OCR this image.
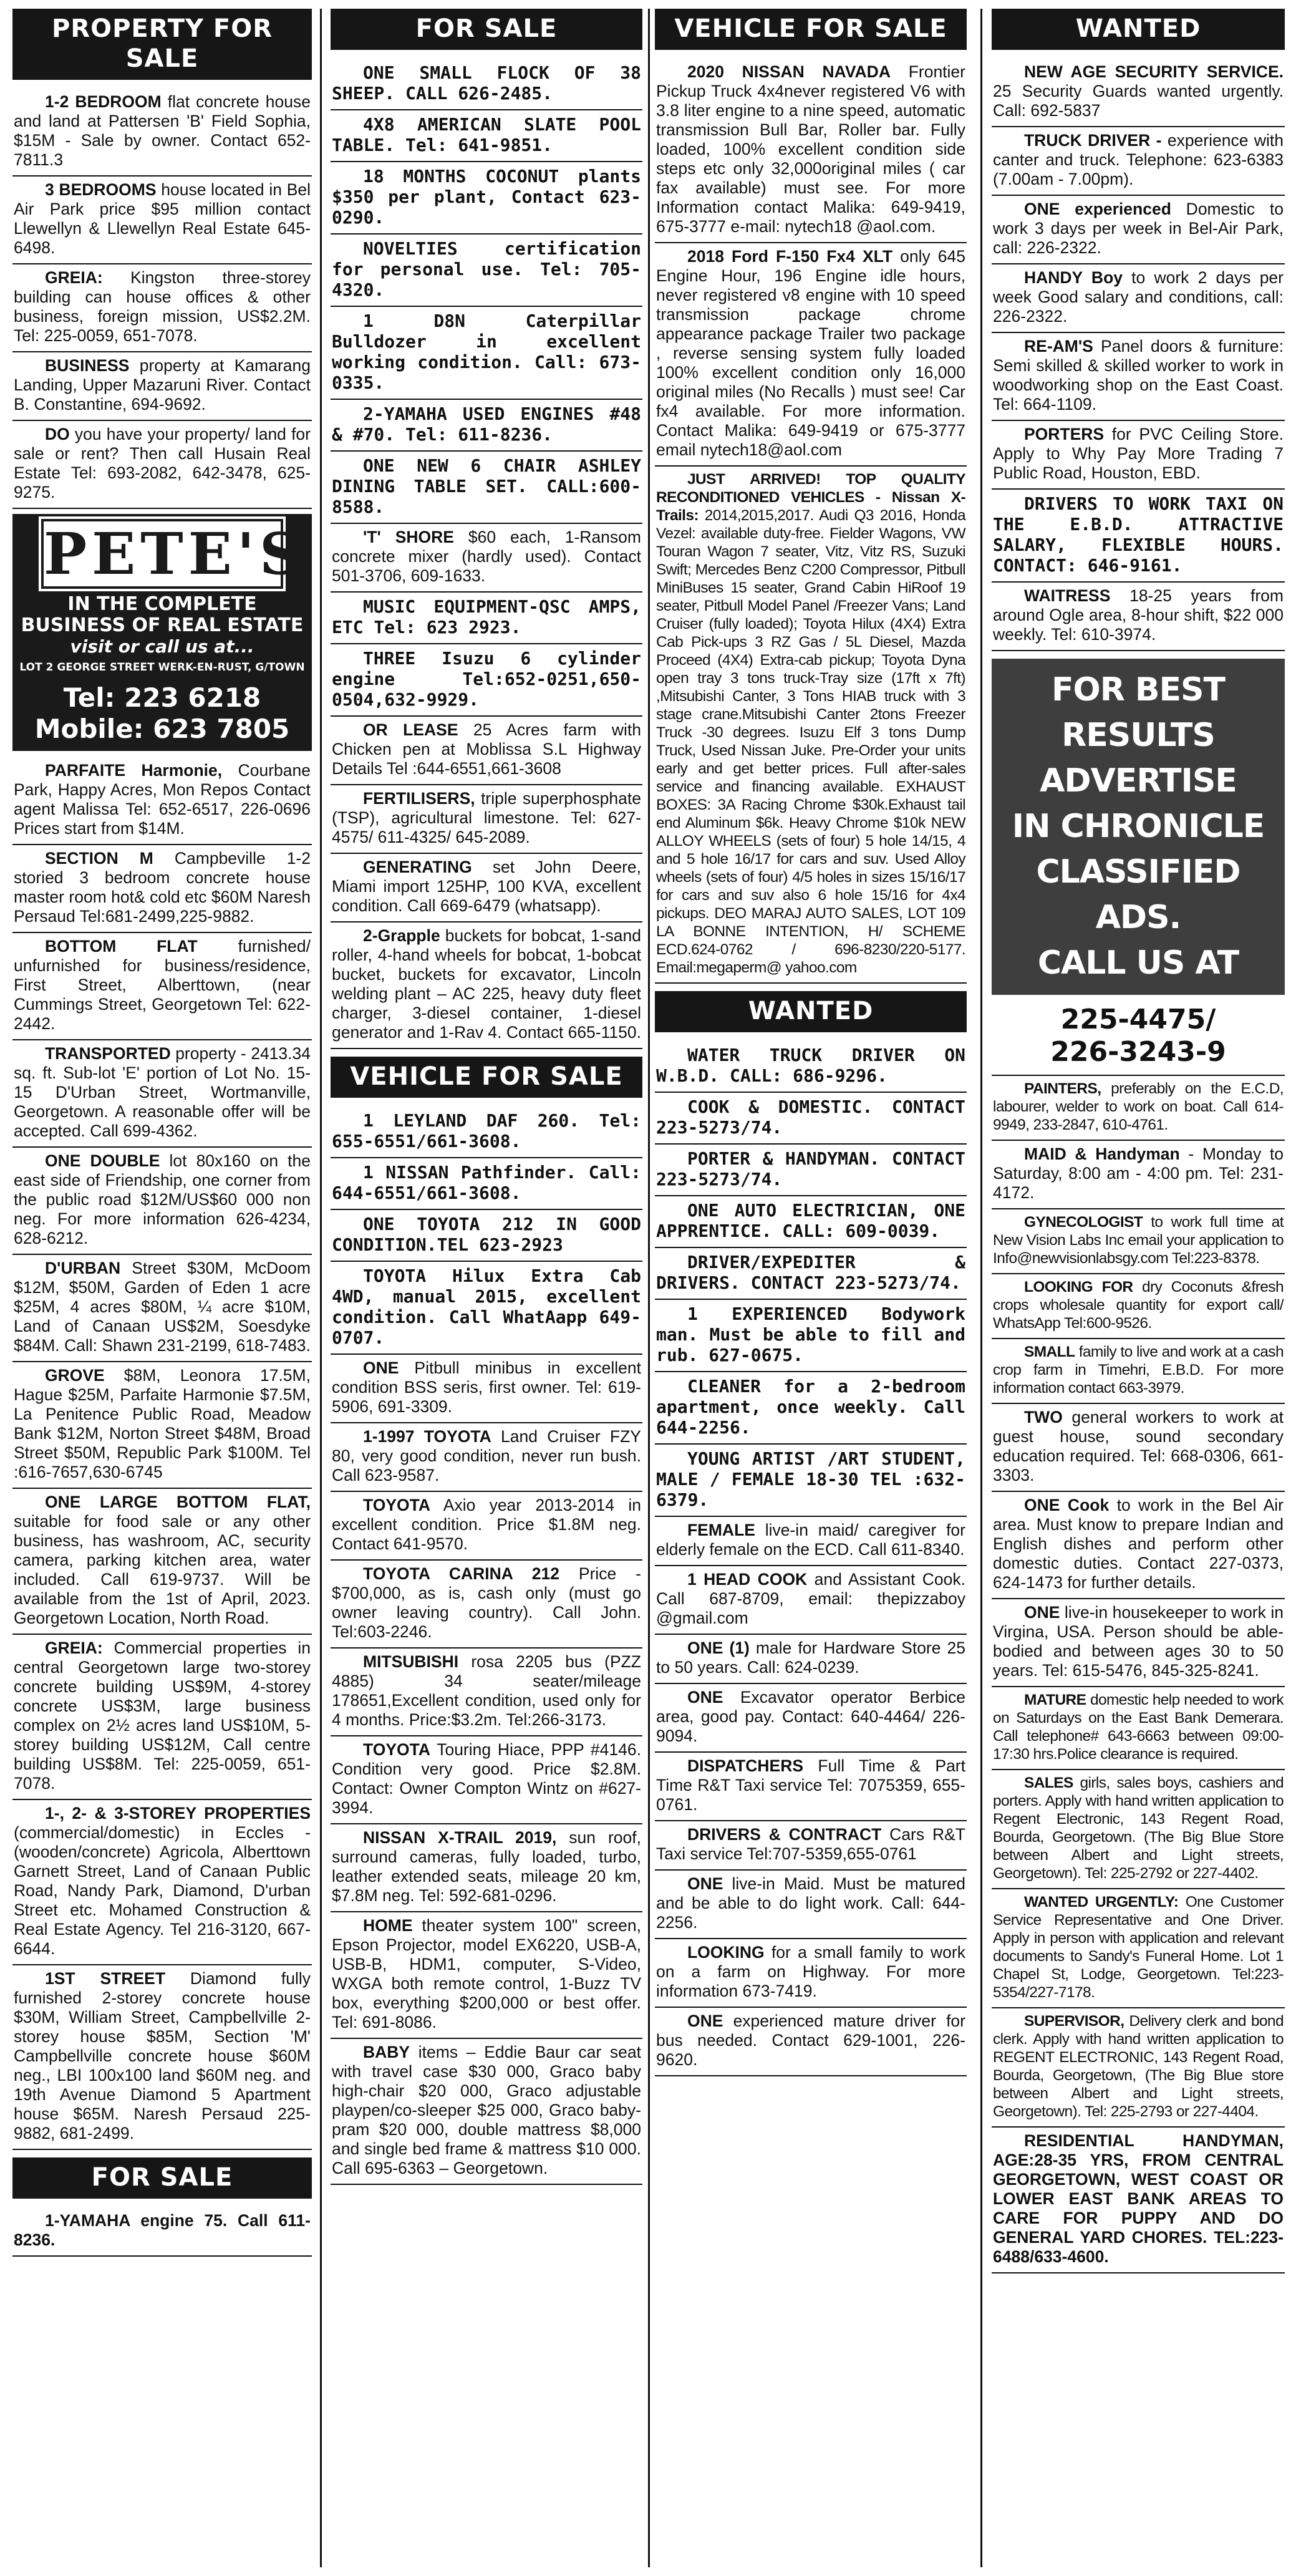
PROPERTY FOR SALE
1-2 BEDROOM flat concrete house and land at Pattersen 'B' Field Sophia, $15M - Sale by owner. Contact 652-7811.3
3 BEDROOMS house located in Bel Air Park price $95 million contact Llewellyn & Llewellyn Real Estate 645-6498.
GREIA: Kingston three-storey building can house offices & other business, foreign mission, US$2.2M. Tel: 225-0059, 651-7078.
BUSINESS property at Kamarang Landing, Upper Mazaruni River. Contact B. Constantine, 694-9692.
DO you have your property/ land for sale or rent? Then call Husain Real Estate Tel: 693-2082, 642-3478, 625-9275.
PETE'S
IN THE COMPLETE
BUSINESS OF REAL ESTATE
visit or call us at...
LOT 2 GEORGE STREET WERK-EN-RUST, G/TOWN
Tel: 223 6218
Mobile: 623 7805
PARFAITE Harmonie, Courbane Park, Happy Acres, Mon Repos Contact agent Malissa Tel: 652-6517, 226-0696 Prices start from $14M.
SECTION M Campbeville 1-2 storied 3 bedroom concrete house master room hot& cold etc $60M Naresh Persaud Tel:681-2499,225-9882.
BOTTOM FLAT furnished/ unfurnished for business/residence, First Street, Alberttown, (near Cummings Street, Georgetown Tel: 622-2442.
TRANSPORTED property - 2413.34 sq. ft. Sub-lot 'E' portion of Lot No. 15-15 D'Urban Street, Wortmanville, Georgetown. A reasonable offer will be accepted. Call 699-4362.
ONE DOUBLE lot 80x160 on the east side of Friendship, one corner from the public road $12M/US$60 000 non neg. For more information 626-4234, 628-6212.
D'URBAN Street $30M, McDoom $12M, $50M, Garden of Eden 1 acre $25M, 4 acres $80M, ¼ acre $10M, Land of Canaan US$2M, Soesdyke $84M. Call: Shawn 231-2199, 618-7483.
GROVE $8M, Leonora 17.5M, Hague $25M, Parfaite Harmonie $7.5M, La Penitence Public Road, Meadow Bank $12M, Norton Street $48M, Broad Street $50M, Republic Park $100M. Tel :616-7657,630-6745
ONE LARGE BOTTOM FLAT, suitable for food sale or any other business, has washroom, AC, security camera, parking kitchen area, water included. Call 619-9737. Will be available from the 1st of April, 2023. Georgetown Location, North Road.
GREIA: Commercial properties in central Georgetown large two-storey concrete building US$9M, 4-storey concrete US$3M, large business complex on 2½ acres land US$10M, 5-storey building US$12M, Call centre building US$8M. Tel: 225-0059, 651-7078.
1-, 2- & 3-STOREY PROPERTIES (commercial/domestic) in Eccles - (wooden/concrete) Agricola, Alberttown Garnett Street, Land of Canaan Public Road, Nandy Park, Diamond, D'urban Street etc. Mohamed Construction & Real Estate Agency. Tel 216-3120, 667-6644.
1ST STREET Diamond fully furnished 2-storey concrete house $30M, William Street, Campbellville 2-storey house $85M, Section 'M' Campbellville concrete house $60M neg., LBI 100x100 land $60M neg. and 19th Avenue Diamond 5 Apartment house $65M. Naresh Persaud 225-9882, 681-2499.
FOR SALE
1-YAMAHA engine 75. Call 611-8236.
FOR SALE
ONE SMALL FLOCK OF 38 SHEEP. CALL 626-2485.
4X8 AMERICAN SLATE POOL TABLE. Tel: 641-9851.
18 MONTHS COCONUT plants $350 per plant, Contact 623-0290.
NOVELTIES certification for personal use. Tel: 705-4320.
1 D8N Caterpillar Bulldozer in excellent working condition. Call: 673-0335.
2-YAMAHA USED ENGINES #48 & #70. Tel: 611-8236.
ONE NEW 6 CHAIR ASHLEY DINING TABLE SET. CALL:600-8588.
'T' SHORE $60 each, 1-Ransom concrete mixer (hardly used). Contact 501-3706, 609-1633.
MUSIC EQUIPMENT-QSC AMPS, ETC Tel: 623 2923.
THREE Isuzu 6 cylinder engine Tel:652-0251,650-0504,632-9929.
OR LEASE 25 Acres farm with Chicken pen at Moblissa S.L Highway Details Tel :644-6551,661-3608
FERTILISERS, triple superphosphate (TSP), agricultural limestone. Tel: 627-4575/ 611-4325/ 645-2089.
GENERATING set John Deere, Miami import 125HP, 100 KVA, excellent condition. Call 669-6479 (whatsapp).
2-Grapple buckets for bobcat, 1-sand roller, 4-hand wheels for bobcat, 1-bobcat bucket, buckets for excavator, Lincoln welding plant – AC 225, heavy duty fleet charger, 3-diesel container, 1-diesel generator and 1-Rav 4. Contact 665-1150.
VEHICLE FOR SALE
1 LEYLAND DAF 260. Tel: 655-6551/661-3608.
1 NISSAN Pathfinder. Call: 644-6551/661-3608.
ONE TOYOTA 212 IN GOOD CONDITION.TEL 623-2923
TOYOTA Hilux Extra Cab 4WD, manual 2015, excellent condition. Call WhatAapp 649-0707.
ONE Pitbull minibus in excellent condition BSS seris, first owner. Tel: 619-5906, 691-3309.
1-1997 TOYOTA Land Cruiser FZY 80, very good condition, never run bush. Call 623-9587.
TOYOTA Axio year 2013-2014 in excellent condition. Price $1.8M neg. Contact 641-9570.
TOYOTA CARINA 212 Price - $700,000, as is, cash only (must go owner leaving country). Call John. Tel:603-2246.
MITSUBISHI rosa 2205 bus (PZZ 4885) 34 seater/mileage 178651,Excellent condition, used only for 4 months. Price:$3.2m. Tel:266-3173.
TOYOTA Touring Hiace, PPP #4146. Condition very good. Price $2.8M. Contact: Owner Compton Wintz on #627-3994.
NISSAN X-TRAIL 2019, sun roof, surround cameras, fully loaded, turbo, leather extended seats, mileage 20 km, $7.8M neg. Tel: 592-681-0296.
HOME theater system 100" screen, Epson Projector, model EX6220, USB-A, USB-B, HDM1, computer, S-Video, WXGA both remote control, 1-Buzz TV box, everything $200,000 or best offer. Tel: 691-8086.
BABY items – Eddie Baur car seat with travel case $30 000, Graco baby high-chair $20 000, Graco adjustable playpen/co-sleeper $25 000, Graco baby-pram $20 000, double mattress $8,000 and single bed frame & mattress $10 000. Call 695-6363 – Georgetown.
VEHICLE FOR SALE
2020 NISSAN NAVADA Frontier Pickup Truck 4x4never registered V6 with 3.8 liter engine to a nine speed, automatic transmission Bull Bar, Roller bar. Fully loaded, 100% excellent condition side steps etc only 32,000original miles ( car fax available) must see. For more Information contact Malika: 649-9419, 675-3777 e-mail: nytech18 @aol.com.
2018 Ford F-150 Fx4 XLT only 645 Engine Hour, 196 Engine idle hours, never registered v8 engine with 10 speed transmission package chrome appearance package Trailer two package , reverse sensing system fully loaded 100% excellent condition only 16,000 original miles (No Recalls ) must see! Car fx4 available. For more information. Contact Malika: 649-9419 or 675-3777 email nytech18@aol.com
JUST ARRIVED! TOP QUALITY RECONDITIONED VEHICLES - Nissan X-Trails: 2014,2015,2017. Audi Q3 2016, Honda Vezel: available duty-free. Fielder Wagons, VW Touran Wagon 7 seater, Vitz, Vitz RS, Suzuki Swift; Mercedes Benz C200 Compressor, Pitbull MiniBuses 15 seater, Grand Cabin HiRoof 19 seater, Pitbull Model Panel /Freezer Vans; Land Cruiser (fully loaded); Toyota Hilux (4X4) Extra Cab Pick-ups 3 RZ Gas / 5L Diesel, Mazda Proceed (4X4) Extra-cab pickup; Toyota Dyna open tray 3 tons truck-Tray size (17ft x 7ft) ,Mitsubishi Canter, 3 Tons HIAB truck with 3 stage crane.Mitsubishi Canter 2tons Freezer Truck -30 degrees. Isuzu Elf 3 tons Dump Truck, Used Nissan Juke. Pre-Order your units early and get better prices. Full after-sales service and financing available. EXHAUST BOXES: 3A Racing Chrome $30k.Exhaust tail end Aluminum $6k. Heavy Chrome $10k NEW ALLOY WHEELS (sets of four) 5 hole 14/15, 4 and 5 hole 16/17 for cars and suv. Used Alloy wheels (sets of four) 4/5 holes in sizes 15/16/17 for cars and suv also 6 hole 15/16 for 4x4 pickups. DEO MARAJ AUTO SALES, LOT 109 LA BONNE INTENTION, H/ SCHEME ECD.624-0762 / 696-8230/220-5177. Email:megaperm@ yahoo.com
WANTED
WATER TRUCK DRIVER ON W.B.D. CALL: 686-9296.
COOK & DOMESTIC. CONTACT 223-5273/74.
PORTER & HANDYMAN. CONTACT 223-5273/74.
ONE AUTO ELECTRICIAN, ONE APPRENTICE. CALL: 609-0039.
DRIVER/EXPEDITER & DRIVERS. CONTACT 223-5273/74.
1 EXPERIENCED Bodywork man. Must be able to fill and rub. 627-0675.
CLEANER for a 2-bedroom apartment, once weekly. Call 644-2256.
YOUNG ARTIST /ART STUDENT, MALE / FEMALE 18-30 TEL :632-6379.
FEMALE live-in maid/ caregiver for elderly female on the ECD. Call 611-8340.
1 HEAD COOK and Assistant Cook. Call 687-8709, email: thepizzaboy @gmail.com
ONE (1) male for Hardware Store 25 to 50 years. Call: 624-0239.
ONE Excavator operator Berbice area, good pay. Contact: 640-4464/ 226-9094.
DISPATCHERS Full Time & Part Time R&T Taxi service Tel: 7075359, 655-0761.
DRIVERS & CONTRACT Cars R&T Taxi service Tel:707-5359,655-0761
ONE live-in Maid. Must be matured and be able to do light work. Call: 644-2256.
LOOKING for a small family to work on a farm on Highway. For more information 673-7419.
ONE experienced mature driver for bus needed. Contact 629-1001, 226-9620.
WANTED
NEW AGE SECURITY SERVICE. 25 Security Guards wanted urgently. Call: 692-5837
TRUCK DRIVER - experience with canter and truck. Telephone: 623-6383 (7.00am - 7.00pm).
ONE experienced Domestic to work 3 days per week in Bel-Air Park, call: 226-2322.
HANDY Boy to work 2 days per week Good salary and conditions, call: 226-2322.
RE-AM'S Panel doors & furniture: Semi skilled & skilled worker to work in woodworking shop on the East Coast. Tel: 664-1109.
PORTERS for PVC Ceiling Store. Apply to Why Pay More Trading 7 Public Road, Houston, EBD.
DRIVERS TO WORK TAXI ON THE E.B.D. ATTRACTIVE SALARY, FLEXIBLE HOURS. CONTACT: 646-9161.
WAITRESS 18-25 years from around Ogle area, 8-hour shift, $22 000 weekly. Tel: 610-3974.
FOR BEST RESULTS
ADVERTISE
IN CHRONICLE
CLASSIFIED ADS.
CALL US AT
225-4475/
226-3243-9
PAINTERS, preferably on the E.C.D, labourer, welder to work on boat. Call 614-9949, 233-2847, 610-4761.
MAID & Handyman - Monday to Saturday, 8:00 am - 4:00 pm. Tel: 231-4172.
GYNECOLOGIST to work full time at New Vision Labs Inc email your application to Info@newvisionlabsgy.com Tel:223-8378.
LOOKING FOR dry Coconuts &fresh crops wholesale quantity for export call/ WhatsApp Tel:600-9526.
SMALL family to live and work at a cash crop farm in Timehri, E.B.D. For more information contact 663-3979.
TWO general workers to work at guest house, sound secondary education required. Tel: 668-0306, 661-3303.
ONE Cook to work in the Bel Air area. Must know to prepare Indian and English dishes and perform other domestic duties. Contact 227-0373, 624-1473 for further details.
ONE live-in housekeeper to work in Virgina, USA. Person should be able-bodied and between ages 30 to 50 years. Tel: 615-5476, 845-325-8241.
MATURE domestic help needed to work on Saturdays on the East Bank Demerara. Call telephone# 643-6663 between 09:00- 17:30 hrs.Police clearance is required.
SALES girls, sales boys, cashiers and porters. Apply with hand written application to Regent Electronic, 143 Regent Road, Bourda, Georgetown. (The Big Blue Store between Albert and Light streets, Georgetown). Tel: 225-2792 or 227-4402.
WANTED URGENTLY: One Customer Service Representative and One Driver. Apply in person with application and relevant documents to Sandy's Funeral Home. Lot 1 Chapel St, Lodge, Georgetown. Tel:223-5354/227-7178.
SUPERVISOR, Delivery clerk and bond clerk. Apply with hand written application to REGENT ELECTRONIC, 143 Regent Road, Bourda, Georgetown, (The Big Blue store between Albert and Light streets, Georgetown). Tel: 225-2793 or 227-4404.
RESIDENTIAL HANDYMAN, AGE:28-35 YRS, FROM CENTRAL GEORGETOWN, WEST COAST OR LOWER EAST BANK AREAS TO CARE FOR PUPPY AND DO GENERAL YARD CHORES. TEL:223-6488/633-4600.
